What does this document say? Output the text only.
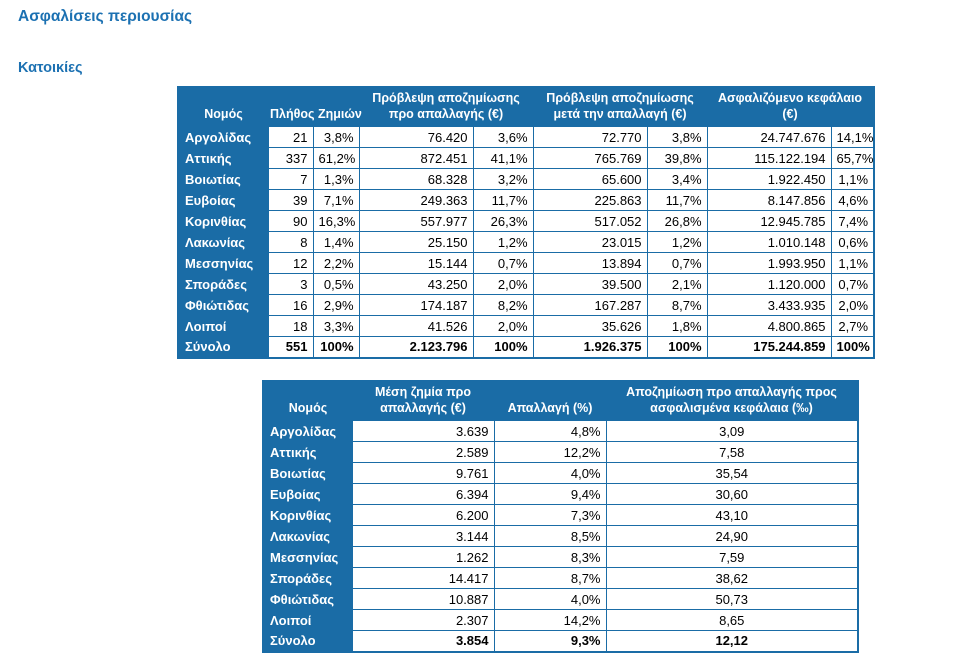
Ασφαλίσεις περιουσίας
Κατοικίες
Νομός	Πλήθος Ζημιών		Πρόβλεψη αποζημίωσης προ απαλλαγής (€)		Πρόβλεψη αποζημίωσης μετά την απαλλαγή (€)		Ασφαλιζόμενο κεφάλαιο (€)	
Αργολίδας	21	3,8%	76.420	3,6%	72.770	3,8%	24.747.676	14,1%
Αττικής	337	61,2%	872.451	41,1%	765.769	39,8%	115.122.194	65,7%
Βοιωτίας	7	1,3%	68.328	3,2%	65.600	3,4%	1.922.450	1,1%
Ευβοίας	39	7,1%	249.363	11,7%	225.863	11,7%	8.147.856	4,6%
Κορινθίας	90	16,3%	557.977	26,3%	517.052	26,8%	12.945.785	7,4%
Λακωνίας	8	1,4%	25.150	1,2%	23.015	1,2%	1.010.148	0,6%
Μεσσηνίας	12	2,2%	15.144	0,7%	13.894	0,7%	1.993.950	1,1%
Σποράδες	3	0,5%	43.250	2,0%	39.500	2,1%	1.120.000	0,7%
Φθιώτιδας	16	2,9%	174.187	8,2%	167.287	8,7%	3.433.935	2,0%
Λοιποί	18	3,3%	41.526	2,0%	35.626	1,8%	4.800.865	2,7%
Σύνολο	551	100%	2.123.796	100%	1.926.375	100%	175.244.859	100%
Νομός	Μέση ζημία προ απαλλαγής (€)	Απαλλαγή (%)	Αποζημίωση προ απαλλαγής προς ασφαλισμένα κεφάλαια (‰)
Αργολίδας	3.639	4,8%	3,09
Αττικής	2.589	12,2%	7,58
Βοιωτίας	9.761	4,0%	35,54
Ευβοίας	6.394	9,4%	30,60
Κορινθίας	6.200	7,3%	43,10
Λακωνίας	3.144	8,5%	24,90
Μεσσηνίας	1.262	8,3%	7,59
Σποράδες	14.417	8,7%	38,62
Φθιώτιδας	10.887	4,0%	50,73
Λοιποί	2.307	14,2%	8,65
Σύνολο	3.854	9,3%	12,12
